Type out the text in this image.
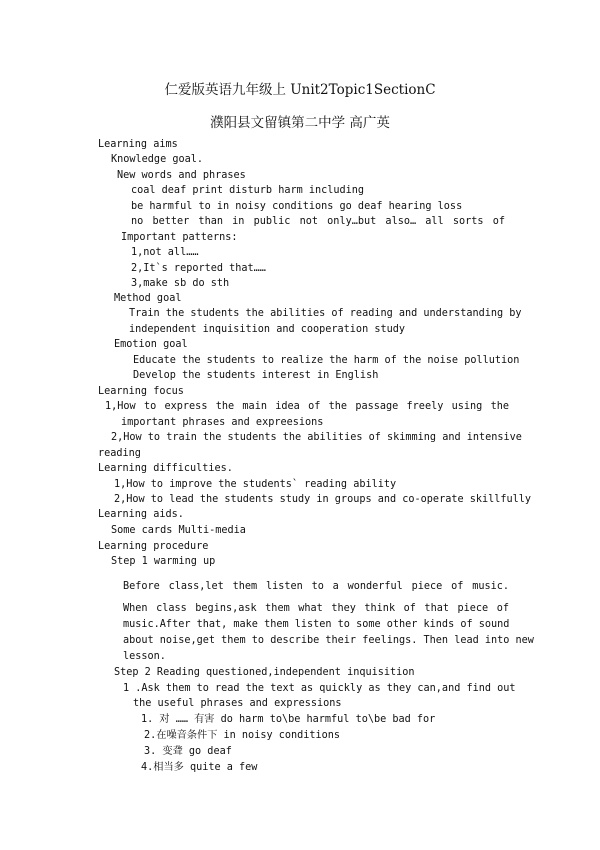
仁爱版英语九年级上 Unit2Topic1SectionC
濮阳县文留镇第二中学 高广英
Learning aims
Knowledge goal.
New words and phrases
coal deaf print disturb harm including
be harmful to in noisy conditions go deaf hearing loss
no better than in public not only…but also… all sorts of
Important patterns:
1,not all……
2,It`s reported that……
3,make sb do sth
Method goal
Train the students the abilities of reading and understanding by
independent inquisition and cooperation study
Emotion goal
Educate the students to realize the harm of the noise pollution
Develop the students interest in English
Learning focus
1,How to express the main idea of the passage freely using the
important phrases and expreesions
2,How to train the students the abilities of skimming and intensive
reading
Learning difficulties.
1,How to improve the students` reading ability
2,How to lead the students study in groups and co-operate skillfully
Learning aids.
Some cards Multi-media
Learning procedure
Step 1 warming up
Before class,let them listen to a wonderful piece of music.
When class begins,ask them what they think of that piece of
music.After that, make them listen to some other kinds of sound
about noise,get them to describe their feelings. Then lead into new
lesson.
Step 2 Reading questioned,independent inquisition
1 .Ask them to read the text as quickly as they can,and find out
the useful phrases and expressions
1. 对 …… 有害 do harm to\be harmful to\be bad for
2.在噪音条件下 in noisy conditions
3. 变聋 go deaf
4.相当多 quite a few
